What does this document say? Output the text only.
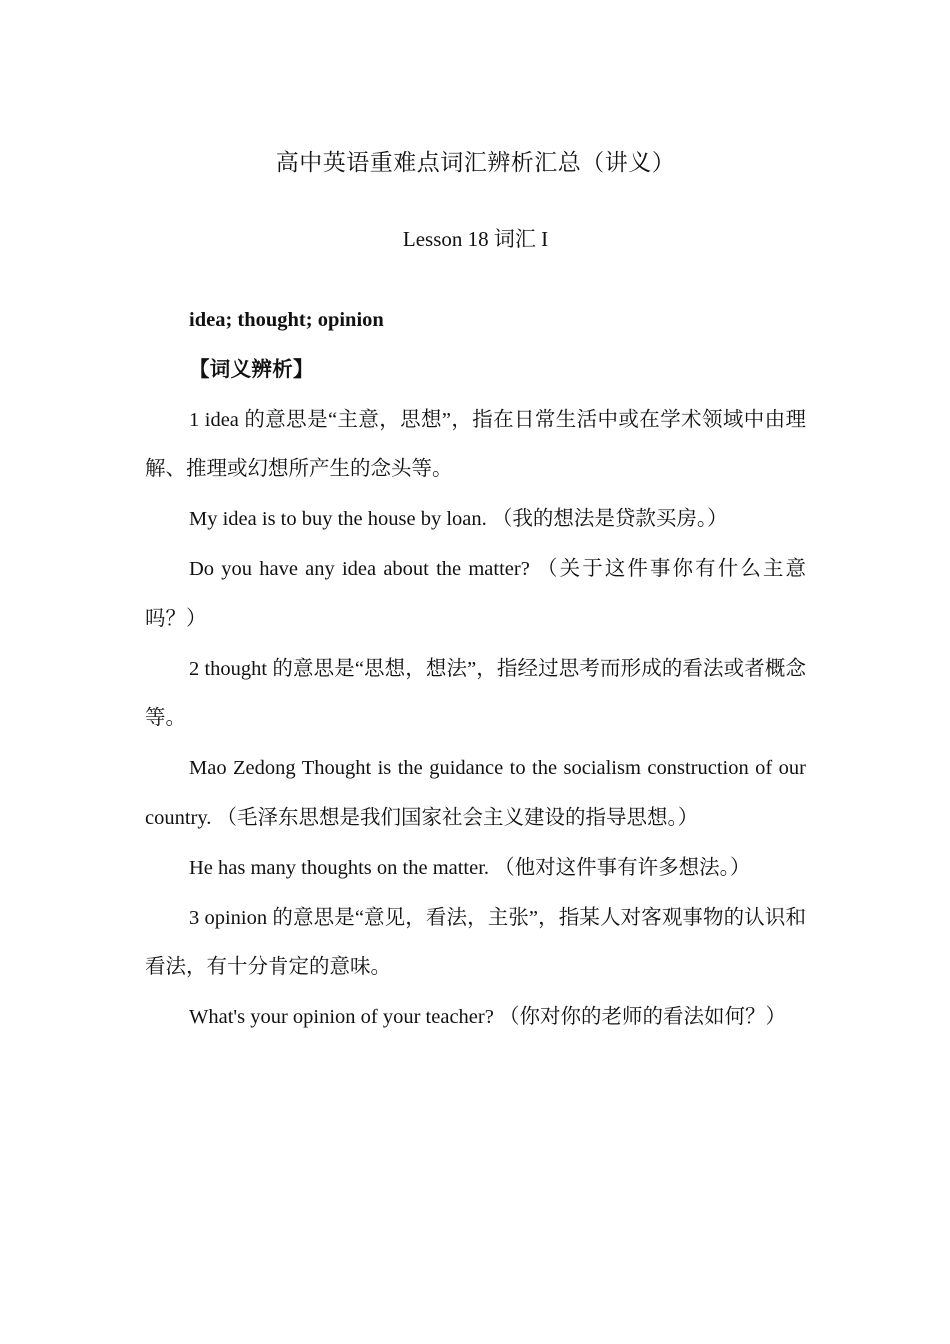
高中英语重难点词汇辨析汇总（讲义）
Lesson 18 词汇 I

idea; thought; opinion

【词义辨析】

1 idea 的意思是“主意，思想”，指在日常生活中或在学术领域中由理解、推理或幻想所产生的念头等。

My idea is to buy the house by loan. （我的想法是贷款买房。）

Do you have any idea about the matter? （关于这件事你有什么主意吗？）

2 thought 的意思是“思想，想法”，指经过思考而形成的看法或者概念等。

Mao Zedong Thought is the guidance to the socialism construction of our country. （毛泽东思想是我们国家社会主义建设的指导思想。）

He has many thoughts on the matter. （他对这件事有许多想法。）

3 opinion 的意思是“意见，看法，主张”，指某人对客观事物的认识和看法，有十分肯定的意味。

What's your opinion of your teacher? （你对你的老师的看法如何？）
